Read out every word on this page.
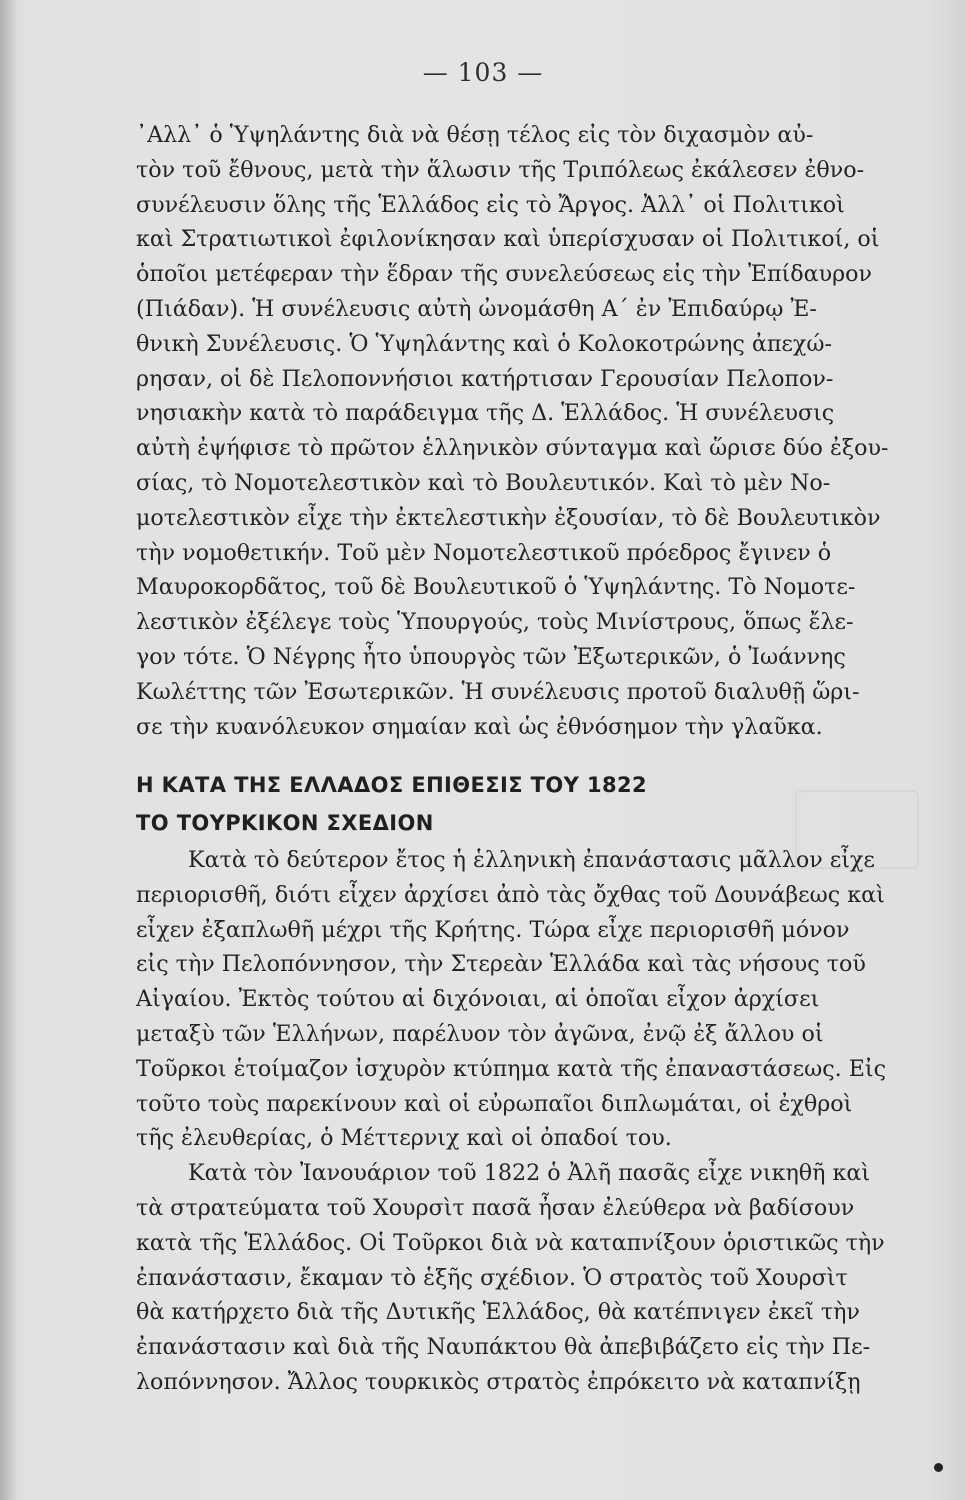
— 103 —
᾿Αλλ᾿ ὁ Ὑψηλάντης διὰ νὰ θέσῃ τέλος εἰς τὸν διχασμὸν αὐ-
τὸν τοῦ ἔθνους, μετὰ τὴν ἅλωσιν τῆς Τριπόλεως ἐκάλεσεν ἐθνο-
συνέλευσιν ὅλης τῆς Ἑλλάδος εἰς τὸ Ἄργος. Ἀλλ᾿ οἱ Πολιτικοὶ
καὶ Στρατιωτικοὶ ἐφιλονίκησαν καὶ ὑπερίσχυσαν οἱ Πολιτικοί, οἱ
ὁποῖοι μετέφεραν τὴν ἕδραν τῆς συνελεύσεως εἰς τὴν Ἐπίδαυρον
(Πιάδαν). Ἡ συνέλευσις αὐτὴ ὠνομάσθη Α΄ ἐν Ἐπιδαύρῳ Ἐ-
θνικὴ Συνέλευσις. Ὁ Ὑψηλάντης καὶ ὁ Κολοκοτρώνης ἀπεχώ-
ρησαν, οἱ δὲ Πελοποννήσιοι κατήρτισαν Γερουσίαν Πελοπον-
νησιακὴν κατὰ τὸ παράδειγμα τῆς Δ. Ἑλλάδος. Ἡ συνέλευσις
αὐτὴ ἐψήφισε τὸ πρῶτον ἑλληνικὸν σύνταγμα καὶ ὥρισε δύο ἐξου-
σίας, τὸ Νομοτελεστικὸν καὶ τὸ Βουλευτικόν. Καὶ τὸ μὲν Νο-
μοτελεστικὸν εἶχε τὴν ἐκτελεστικὴν ἐξουσίαν, τὸ δὲ Βουλευτικὸν
τὴν νομοθετικήν. Τοῦ μὲν Νομοτελεστικοῦ πρόεδρος ἔγινεν ὁ
Μαυροκορδᾶτος, τοῦ δὲ Βουλευτικοῦ ὁ Ὑψηλάντης. Τὸ Νομοτε-
λεστικὸν ἐξέλεγε τοὺς Ὑπουργούς, τοὺς Μινίστρους, ὅπως ἔλε-
γον τότε. Ὁ Νέγρης ἦτο ὑπουργὸς τῶν Ἐξωτερικῶν, ὁ Ἰωάννης
Κωλέττης τῶν Ἐσωτερικῶν. Ἡ συνέλευσις προτοῦ διαλυθῇ ὥρι-
σε τὴν κυανόλευκον σημαίαν καὶ ὡς ἐθνόσημον τὴν γλαῦκα.
Η ΚΑΤΑ ΤΗΣ ΕΛΛΑΔΟΣ ΕΠΙΘΕΣΙΣ ΤΟΥ 1822
ΤΟ ΤΟΥΡΚΙΚΟΝ ΣΧΕΔΙΟΝ
Κατὰ τὸ δεύτερον ἔτος ἡ ἑλληνικὴ ἐπανάστασις μᾶλλον εἶχε
περιορισθῆ, διότι εἶχεν ἀρχίσει ἀπὸ τὰς ὄχθας τοῦ Δουνάβεως καὶ
εἶχεν ἐξαπλωθῆ μέχρι τῆς Κρήτης. Τώρα εἶχε περιορισθῆ μόνον
εἰς τὴν Πελοπόννησον, τὴν Στερεὰν Ἑλλάδα καὶ τὰς νήσους τοῦ
Αἰγαίου. Ἐκτὸς τούτου αἱ διχόνοιαι, αἱ ὁποῖαι εἶχον ἀρχίσει
μεταξὺ τῶν Ἑλλήνων, παρέλυον τὸν ἀγῶνα, ἐνῷ ἐξ ἄλλου οἱ
Τοῦρκοι ἑτοίμαζον ἰσχυρὸν κτύπημα κατὰ τῆς ἐπαναστάσεως. Εἰς
τοῦτο τοὺς παρεκίνουν καὶ οἱ εὐρωπαῖοι διπλωμάται, οἱ ἐχθροὶ
τῆς ἐλευθερίας, ὁ Μέττερνιχ καὶ οἱ ὀπαδοί του.
Κατὰ τὸν Ἰανουάριον τοῦ 1822 ὁ Ἀλῆ πασᾶς εἶχε νικηθῆ καὶ
τὰ στρατεύματα τοῦ Χουρσὶτ πασᾶ ἦσαν ἐλεύθερα νὰ βαδίσουν
κατὰ τῆς Ἑλλάδος. Οἱ Τοῦρκοι διὰ νὰ καταπνίξουν ὁριστικῶς τὴν
ἐπανάστασιν, ἔκαμαν τὸ ἑξῆς σχέδιον. Ὁ στρατὸς τοῦ Χουρσὶτ
θὰ κατήρχετο διὰ τῆς Δυτικῆς Ἑλλάδος, θὰ κατέπνιγεν ἐκεῖ τὴν
ἐπανάστασιν καὶ διὰ τῆς Ναυπάκτου θὰ ἀπεβιβάζετο εἰς τὴν Πε-
λοπόννησον. Ἄλλος τουρκικὸς στρατὸς ἐπρόκειτο νὰ καταπνίξῃ
